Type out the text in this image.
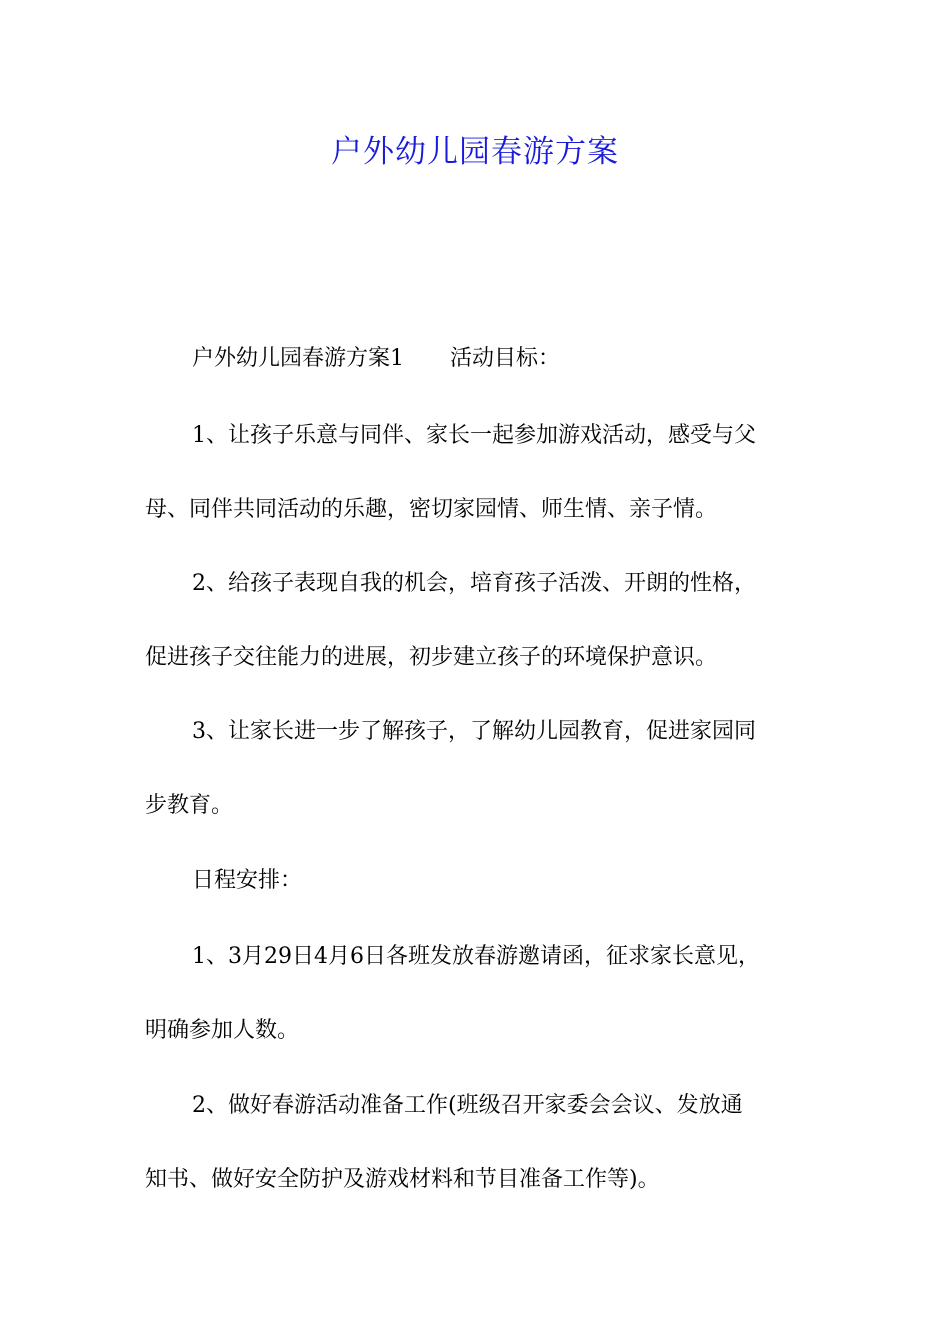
户外幼儿园春游方案

户外幼儿园春游方案1 活动目标：

1、让孩子乐意与同伴、家长一起参加游戏活动，感受与父

母、同伴共同活动的乐趣，密切家园情、师生情、亲子情。

2、给孩子表现自我的机会，培育孩子活泼、开朗的性格，

促进孩子交往能力的进展，初步建立孩子的环境保护意识。

3、让家长进一步了解孩子，了解幼儿园教育，促进家园同

步教育。

日程安排：

1、3月29日4月6日各班发放春游邀请函，征求家长意见，

明确参加人数。

2、做好春游活动准备工作(班级召开家委会会议、发放通

知书、做好安全防护及游戏材料和节目准备工作等)。
